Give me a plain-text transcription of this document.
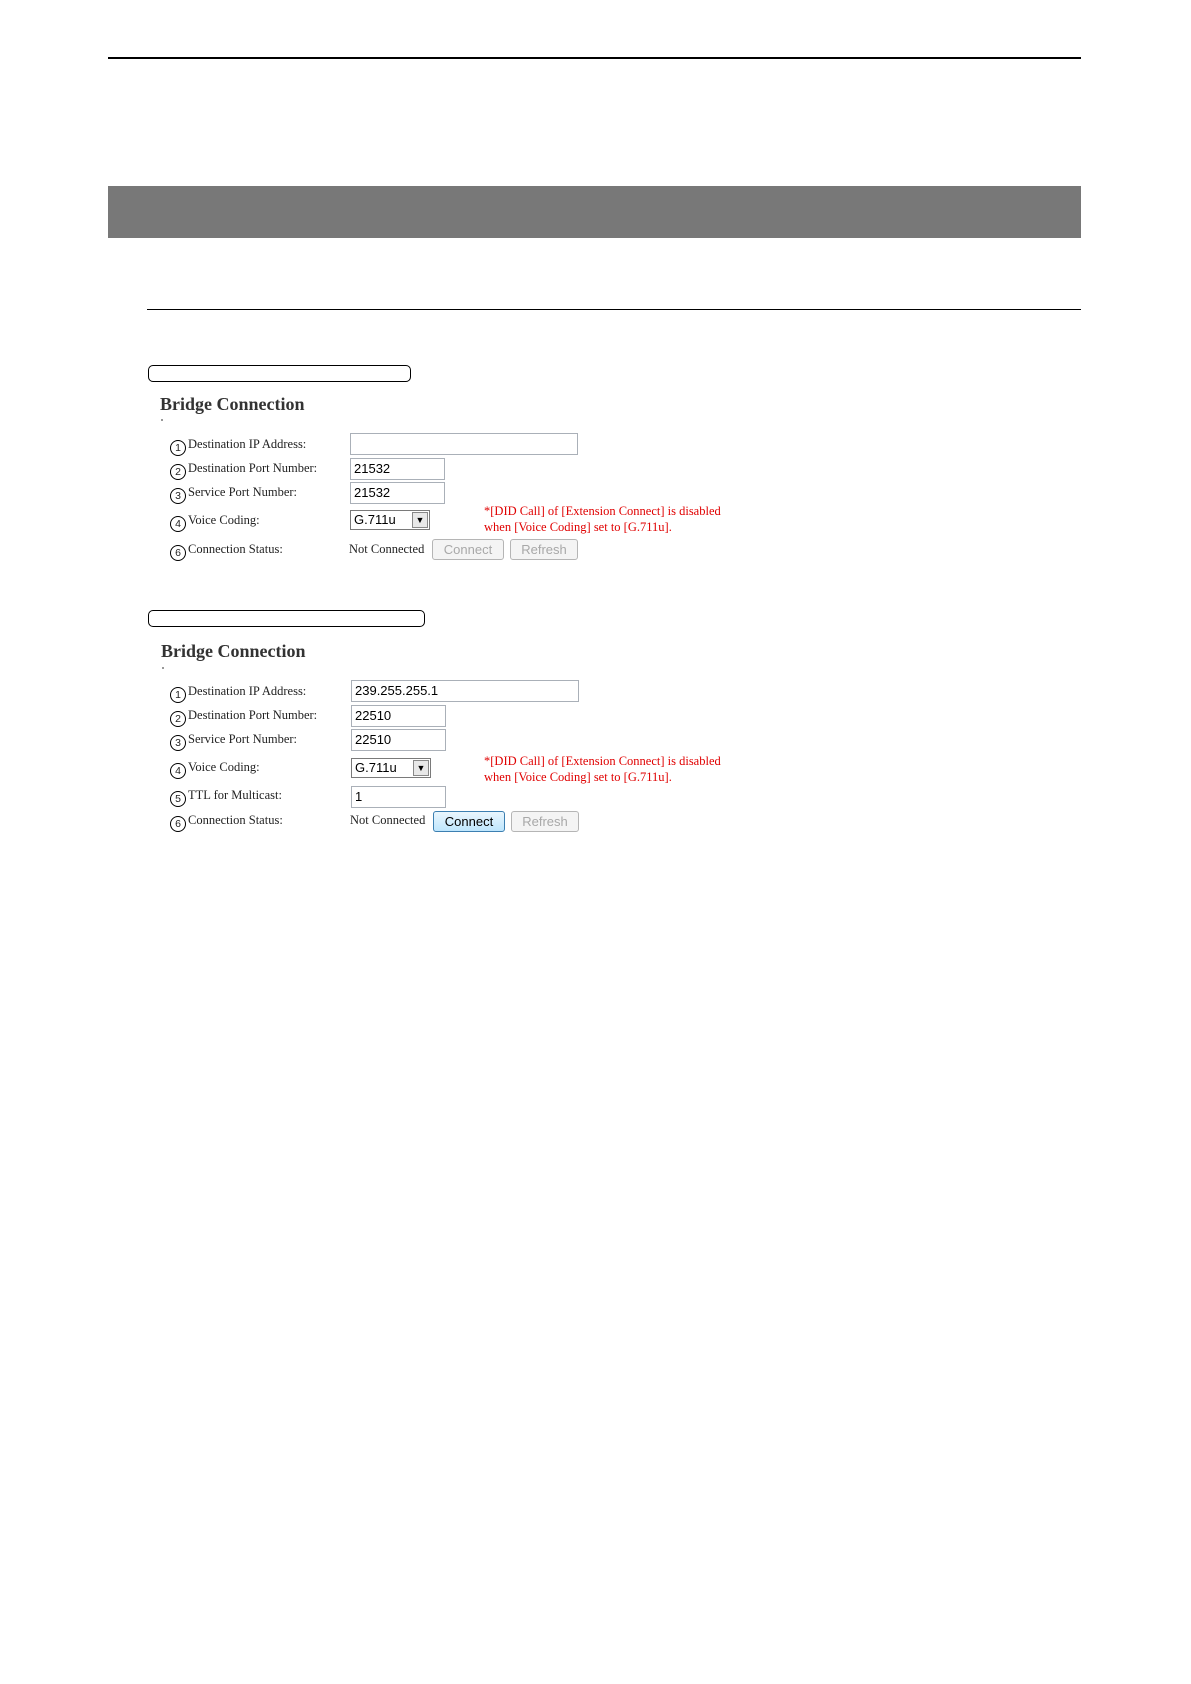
Bridge Connection
1 Destination IP Address:
2 Destination Port Number:	21532
3 Service Port Number:	21532
4 Voice Coding:	G.711u	▼
*[DID Call] of [Extension Connect] is disabled
when [Voice Coding] set to [G.711u].
6 Connection Status:	Not Connected	Connect	Refresh
Bridge Connection
1 Destination IP Address:	239.255.255.1
2 Destination Port Number:	22510
3 Service Port Number:	22510
4 Voice Coding:	G.711u	▼	*[DID Call] of [Extension Connect] is disabled
when [Voice Coding] set to [G.711u].
5 TTL for Multicast:	1
6 Connection Status:	Not Connected	Connect	Refresh
